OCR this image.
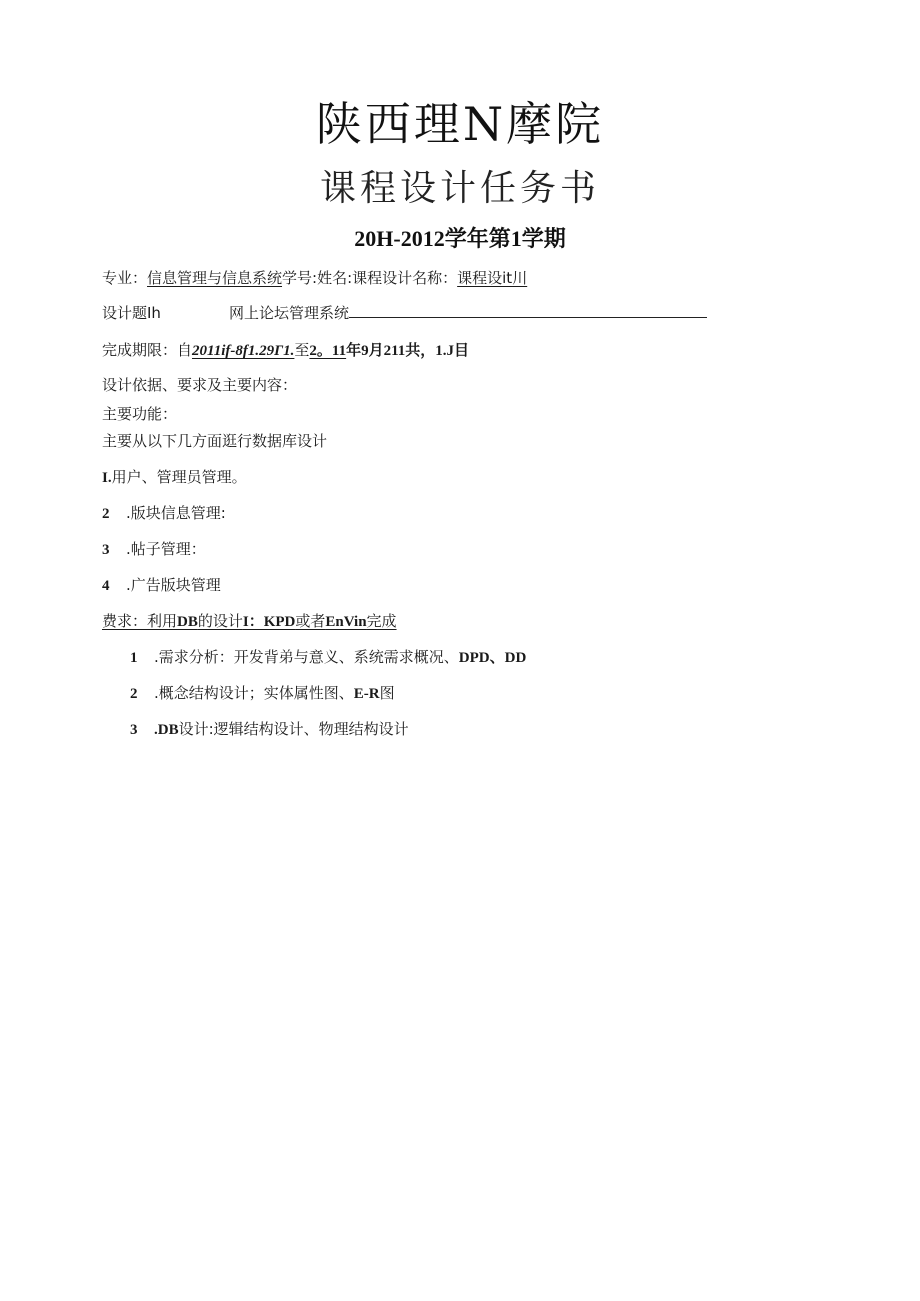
陕西理N摩院
课程设计任务书
20H-2012学年第1学期
专业：信息管理与信息系统学号:姓名:课程设计名称：课程设it川
设计题Ih	网上论坛管理系统
完成期限：自2011if-8f1.29Г1.至2。11年9月211共，1.J目
设计依据、要求及主要内容：
主要功能：
主要从以下几方面逛行数据库设计
I.用户、管理员管理。
2 .版块信息管理:
3 .帖子管理：
4 .广告版块管理
费求：利用DB的设计I：KPD或者EnVin完成
1 .需求分析：开发背弟与意义、系统需求概况、DPD、DD
2 .概念结构设计；实体属性图、E-R图
3 .DB设计:逻辑结构设计、物理结构设计
